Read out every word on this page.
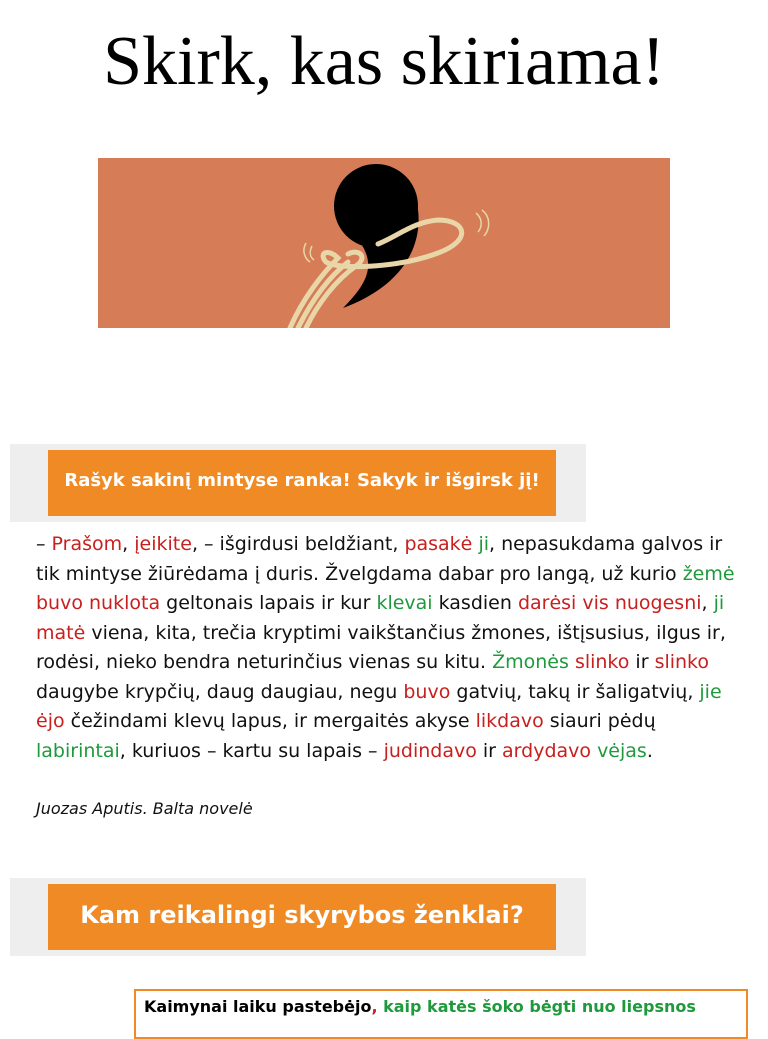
Skirk, kas skiriama!
Rašyk sakinį mintyse ranka! Sakyk ir išgirsk jį!

– Prašom, įeikite, – išgirdusi beldžiant, pasakė ji, nepasukdama galvos ir tik mintyse žiūrėdama į duris. Žvelgdama dabar pro langą, už kurio žemė buvo nuklota geltonais lapais ir kur klevai kasdien darėsi vis nuogesni, ji matė viena, kita, trečia kryptimi vaikštančius žmones, ištįsusius, ilgus ir, rodėsi, nieko bendra neturinčius vienas su kitu. Žmonės slinko ir slinko daugybe krypčių, daug daugiau, negu buvo gatvių, takų ir šaligatvių, jie ėjo čežindami klevų lapus, ir mergaitės akyse likdavo siauri pėdų labirintai, kuriuos – kartu su lapais – judindavo ir ardydavo vėjas.

Juozas Aputis. Balta novelė
Kam reikalingi skyrybos ženklai?
Kaimynai laiku pastebėjo, kaip katės šoko bėgti nuo liepsnos
